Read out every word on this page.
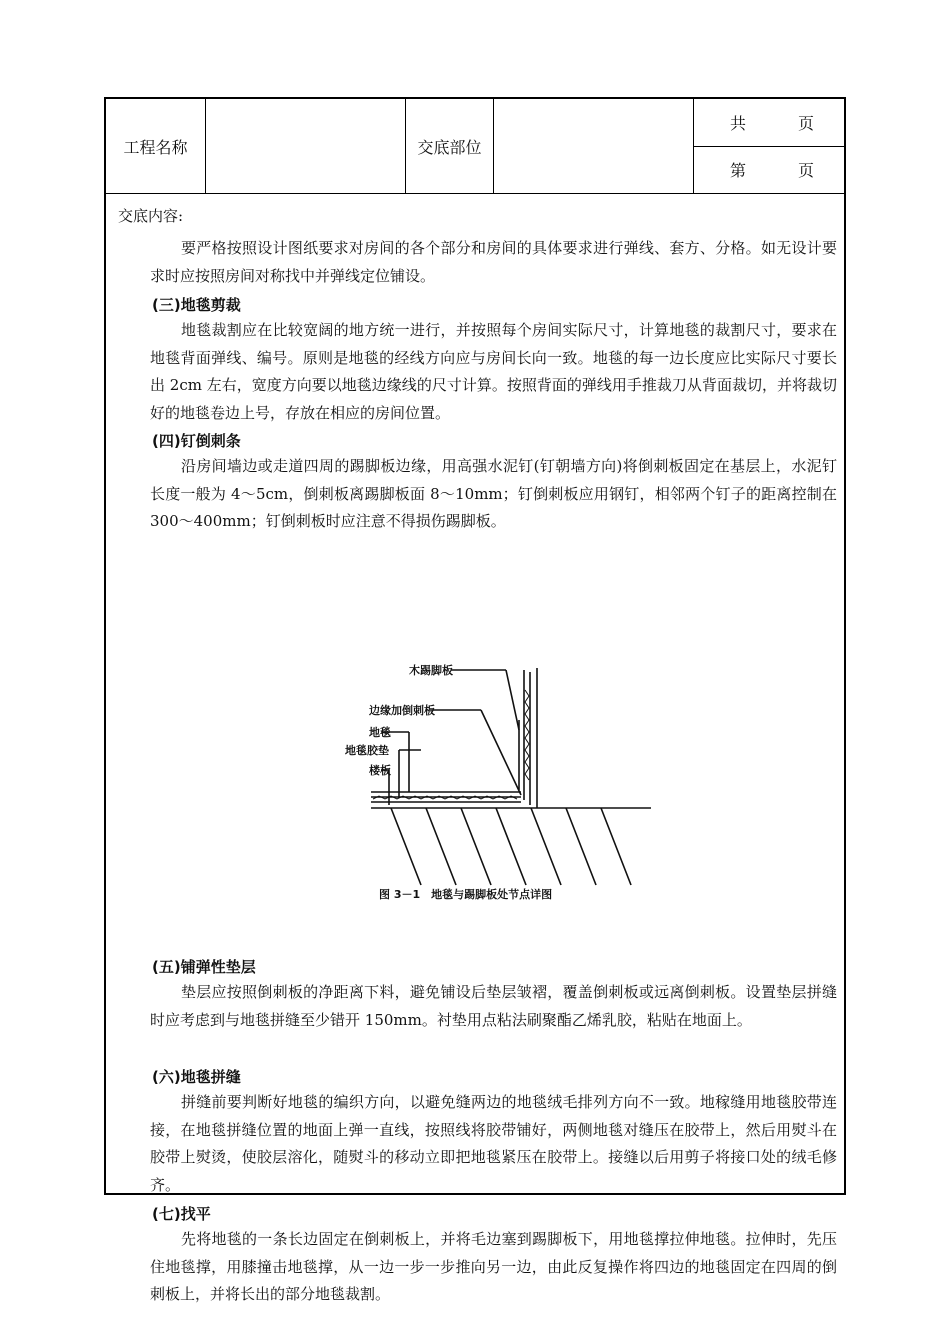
工程名称	交底部位
共	页
第	页
交底内容:

要严格按照设计图纸要求对房间的各个部分和房间的具体要求进行弹线、套方、分格。如无设计要求时应按照房间对称找中并弹线定位铺设。

(三)地毯剪裁

地毯裁割应在比较宽阔的地方统一进行，并按照每个房间实际尺寸，计算地毯的裁割尺寸，要求在地毯背面弹线、编号。原则是地毯的经线方向应与房间长向一致。地毯的每一边长度应比实际尺寸要长出 2cm 左右，宽度方向要以地毯边缘线的尺寸计算。按照背面的弹线用手推裁刀从背面裁切，并将裁切好的地毯卷边上号，存放在相应的房间位置。

(四)钉倒刺条

沿房间墙边或走道四周的踢脚板边缘，用高强水泥钉(钉朝墙方向)将倒刺板固定在基层上，水泥钉长度一般为 4～5cm，倒刺板离踢脚板面 8～10mm；钉倒刺板应用钢钉，相邻两个钉子的距离控制在 300～400mm；钉倒刺板时应注意不得损伤踢脚板。

木踢脚板
边缘加倒刺板
地毯
地毯胶垫
楼板
图 3－1　地毯与踢脚板处节点详图
(五)铺弹性垫层

垫层应按照倒刺板的净距离下料，避免铺设后垫层皱褶，覆盖倒刺板或远离倒刺板。设置垫层拼缝时应考虑到与地毯拼缝至少错开 150mm。衬垫用点粘法刷聚酯乙烯乳胶，粘贴在地面上。

(六)地毯拼缝

拼缝前要判断好地毯的编织方向，以避免缝两边的地毯绒毛排列方向不一致。地稼缝用地毯胶带连接，在地毯拼缝位置的地面上弹一直线，按照线将胶带铺好，两侧地毯对缝压在胶带上，然后用熨斗在胶带上熨烫，使胶层溶化，随熨斗的移动立即把地毯紧压在胶带上。接缝以后用剪子将接口处的绒毛修齐。

(七)找平

先将地毯的一条长边固定在倒刺板上，并将毛边塞到踢脚板下，用地毯撑拉伸地毯。拉伸时，先压住地毯撑，用膝撞击地毯撑，从一边一步一步推向另一边，由此反复操作将四边的地毯固定在四周的倒刺板上，并将长出的部分地毯裁割。
